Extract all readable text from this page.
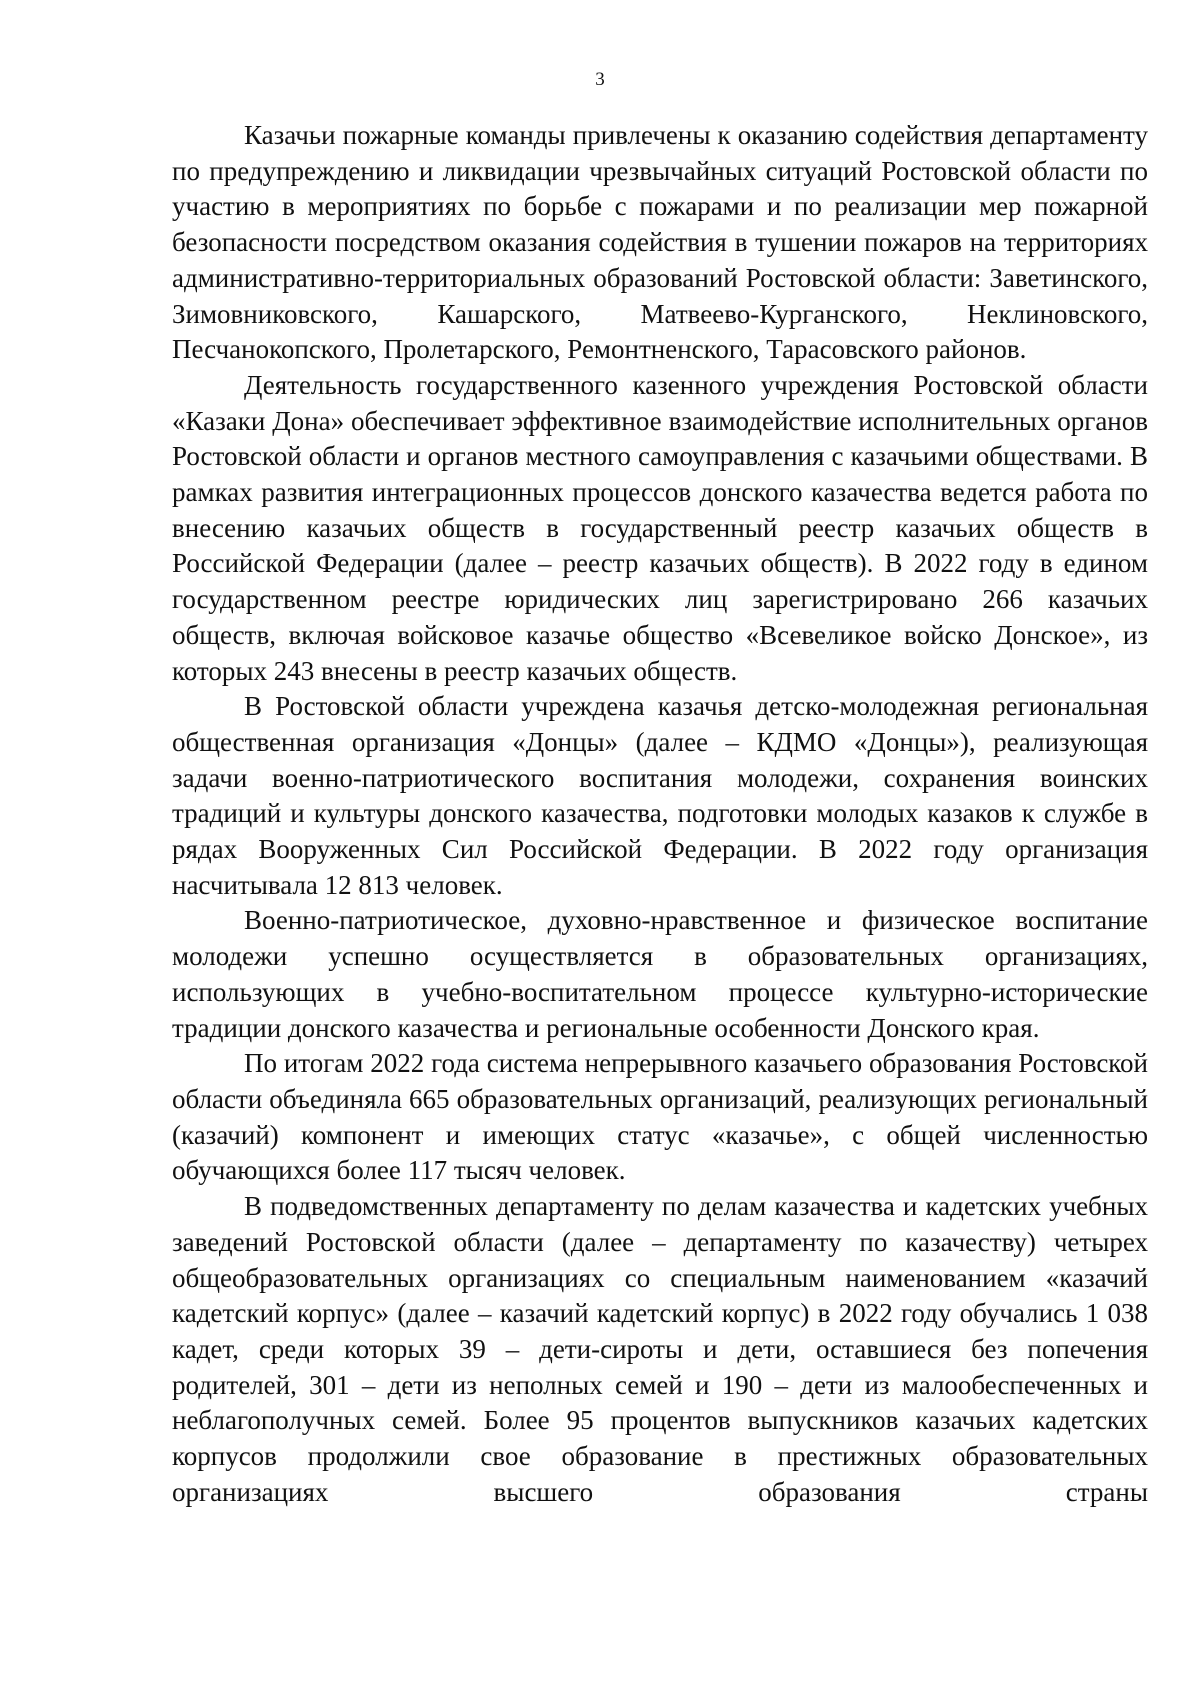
3

Казачьи пожарные команды привлечены к оказанию содействия департаменту по предупреждению и ликвидации чрезвычайных ситуаций Ростовской области по участию в мероприятиях по борьбе с пожарами и по реализации мер пожарной безопасности посредством оказания содействия в тушении пожаров на территориях административно-территориальных образований Ростовской области: Заветинского, Зимовниковского, Кашарского, Матвеево-Курганского, Неклиновского, Песчанокопского, Пролетарского, Ремонтненского, Тарасовского районов.

Деятельность государственного казенного учреждения Ростовской области «Казаки Дона» обеспечивает эффективное взаимодействие исполнительных органов Ростовской области и органов местного самоуправления с казачьими обществами. В рамках развития интеграционных процессов донского казачества ведется работа по внесению казачьих обществ в государственный реестр казачьих обществ в Российской Федерации (далее – реестр казачьих обществ). В 2022 году в едином государственном реестре юридических лиц зарегистрировано 266 казачьих обществ, включая войсковое казачье общество «Всевеликое войско Донское», из которых 243 внесены в реестр казачьих обществ.

В Ростовской области учреждена казачья детско-молодежная региональная общественная организация «Донцы» (далее – КДМО «Донцы»), реализующая задачи военно-патриотического воспитания молодежи, сохранения воинских традиций и культуры донского казачества, подготовки молодых казаков к службе в рядах Вооруженных Сил Российской Федерации. В 2022 году организация насчитывала 12 813 человек.

Военно-патриотическое, духовно-нравственное и физическое воспитание молодежи успешно осуществляется в образовательных организациях, использующих в учебно-воспитательном процессе культурно-исторические традиции донского казачества и региональные особенности Донского края.

По итогам 2022 года система непрерывного казачьего образования Ростовской области объединяла 665 образовательных организаций, реализующих региональный (казачий) компонент и имеющих статус «казачье», с общей численностью обучающихся более 117 тысяч человек.

В подведомственных департаменту по делам казачества и кадетских учебных заведений Ростовской области (далее – департаменту по казачеству) четырех общеобразовательных организациях со специальным наименованием «казачий кадетский корпус» (далее – казачий кадетский корпус) в 2022 году обучались 1 038 кадет, среди которых 39 – дети-сироты и дети, оставшиеся без попечения родителей, 301 – дети из неполных семей и 190 – дети из малообеспеченных и неблагополучных семей. Более 95 процентов выпускников казачьих кадетских корпусов продолжили свое образование в престижных образовательных организациях высшего образования страны
